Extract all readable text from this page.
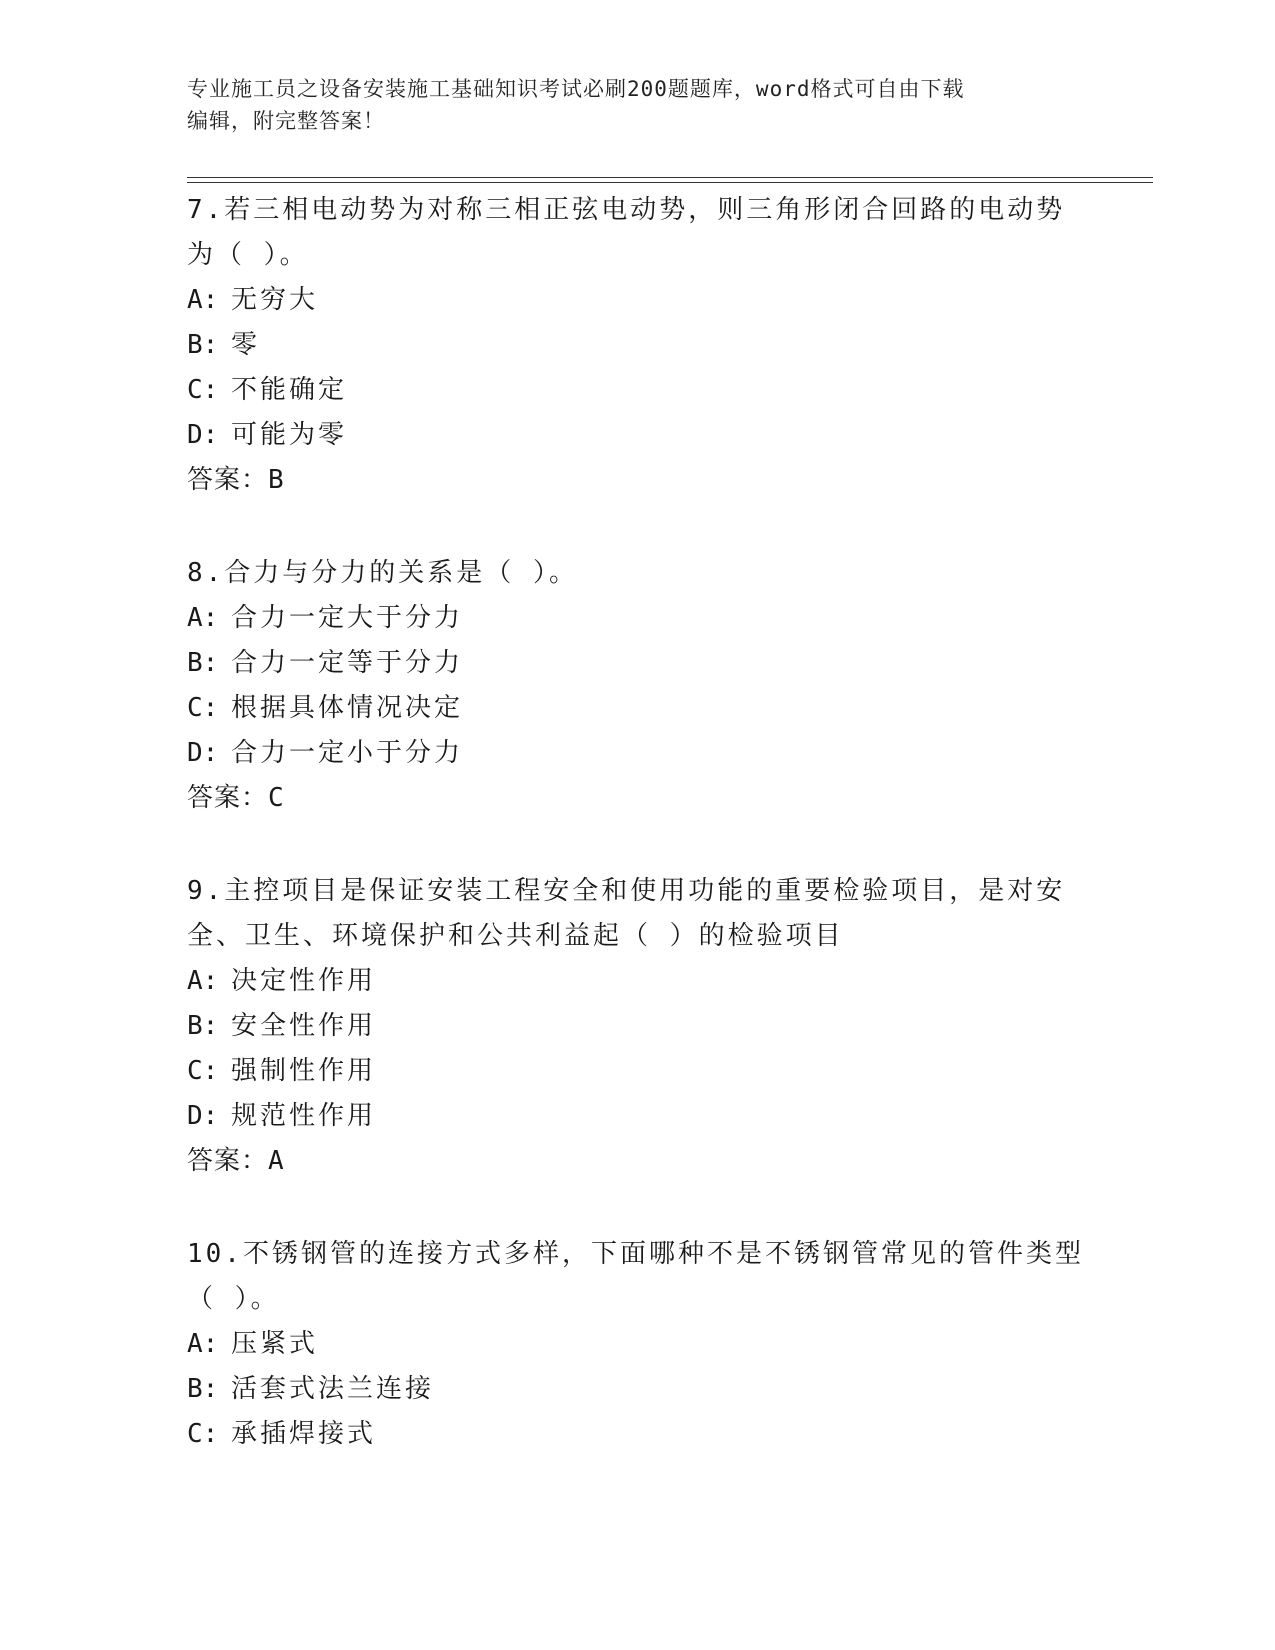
专业施工员之设备安装施工基础知识考试必刷200题题库，word格式可自由下载
编辑，附完整答案！

7.若三相电动势为对称三相正弦电动势，则三角形闭合回路的电动势为（ ）。

A: 无穷大

B: 零

C: 不能确定

D: 可能为零

答案：B

8.合力与分力的关系是（ ）。

A: 合力一定大于分力

B: 合力一定等于分力

C: 根据具体情况决定

D: 合力一定小于分力

答案：C

9.主控项目是保证安装工程安全和使用功能的重要检验项目，是对安全、卫生、环境保护和公共利益起（ ）的检验项目

A: 决定性作用

B: 安全性作用

C: 强制性作用

D: 规范性作用

答案：A

10.不锈钢管的连接方式多样，下面哪种不是不锈钢管常见的管件类型（ ）。

A: 压紧式

B: 活套式法兰连接

C: 承插焊接式
